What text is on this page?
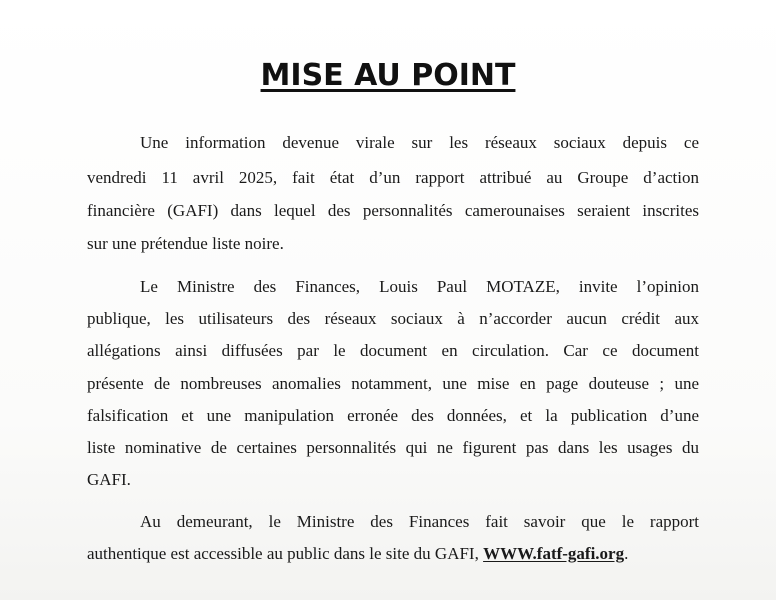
MISE AU POINT
Une information devenue virale sur les réseaux sociaux depuis ce
vendredi 11 avril 2025, fait état d’un rapport attribué au Groupe d’action
financière (GAFI) dans lequel des personnalités camerounaises seraient inscrites
sur une prétendue liste noire.
Le Ministre des Finances, Louis Paul MOTAZE, invite l’opinion
publique, les utilisateurs des réseaux sociaux à n’accorder aucun crédit aux
allégations ainsi diffusées par le document en circulation. Car ce document
présente de nombreuses anomalies notamment, une mise en page douteuse ; une
falsification et une manipulation erronée des données, et la publication d’une
liste nominative de certaines personnalités qui ne figurent pas dans les usages du
GAFI.
Au demeurant, le Ministre des Finances fait savoir que le rapport
authentique est accessible au public dans le site du GAFI, WWW.fatf-gafi.org.
